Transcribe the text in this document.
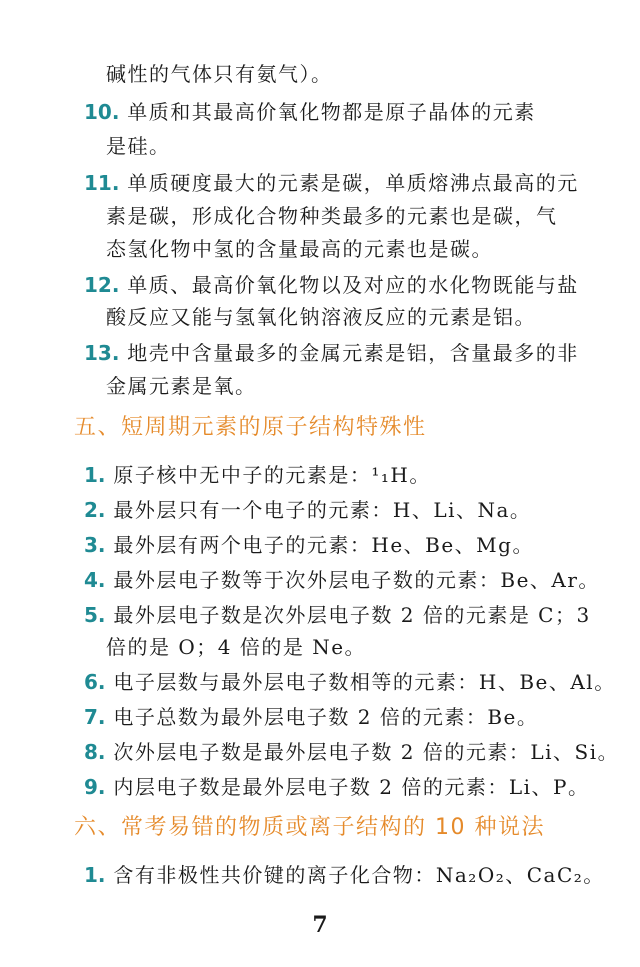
碱性的气体只有氨气）。
10. 单质和其最高价氧化物都是原子晶体的元素
是硅。
11. 单质硬度最大的元素是碳，单质熔沸点最高的元
素是碳，形成化合物种类最多的元素也是碳，气
态氢化物中氢的含量最高的元素也是碳。
12. 单质、最高价氧化物以及对应的水化物既能与盐
酸反应又能与氢氧化钠溶液反应的元素是铝。
13. 地壳中含量最多的金属元素是铝，含量最多的非
金属元素是氧。
五、短周期元素的原子结构特殊性
1. 原子核中无中子的元素是：¹₁H。
2. 最外层只有一个电子的元素：H、Li、Na。
3. 最外层有两个电子的元素：He、Be、Mg。
4. 最外层电子数等于次外层电子数的元素：Be、Ar。
5. 最外层电子数是次外层电子数 2 倍的元素是 C；3
倍的是 O；4 倍的是 Ne。
6. 电子层数与最外层电子数相等的元素：H、Be、Al。
7. 电子总数为最外层电子数 2 倍的元素：Be。
8. 次外层电子数是最外层电子数 2 倍的元素：Li、Si。
9. 内层电子数是最外层电子数 2 倍的元素：Li、P。
六、常考易错的物质或离子结构的 10 种说法
1. 含有非极性共价键的离子化合物：Na₂O₂、CaC₂。
7
